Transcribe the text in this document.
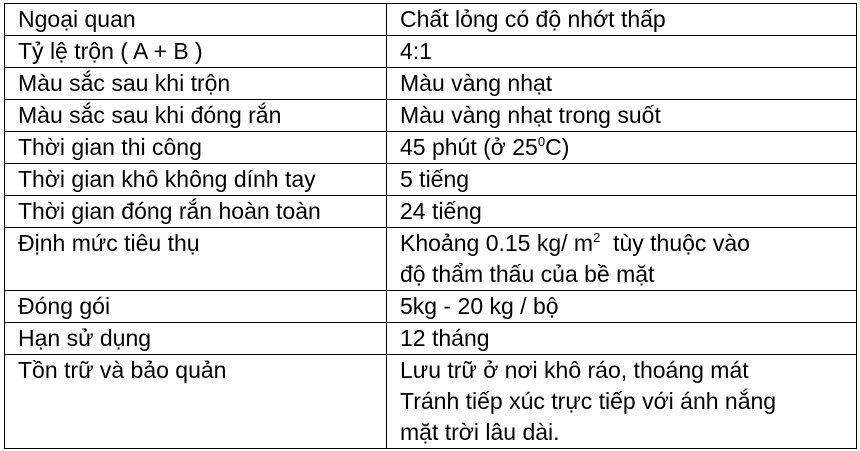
Ngoại quan	Chất lỏng có độ nhớt thấp
Tỷ lệ trộn ( A + B )	4:1
Màu sắc sau khi trộn	Màu vàng nhạt
Màu sắc sau khi đóng rắn	Màu vàng nhạt trong suốt
Thời gian thi công	45 phút (ở $25^0C$)
Thời gian khô không dính tay	5 tiếng
Thời gian đóng rắn hoàn toàn	24 tiếng
Định mức tiêu thụ	Khoảng 0.15 kg/ $m^2$  tùy thuộc vào
độ thẩm thấu của bề mặt

Đóng gói	5kg - 20 kg / bộ
Hạn sử dụng	12 tháng
Tồn trữ và bảo quản	Lưu trữ ở nơi khô ráo, thoáng mát
Tránh tiếp xúc trực tiếp với ánh nắng
mặt trời lâu dài.
